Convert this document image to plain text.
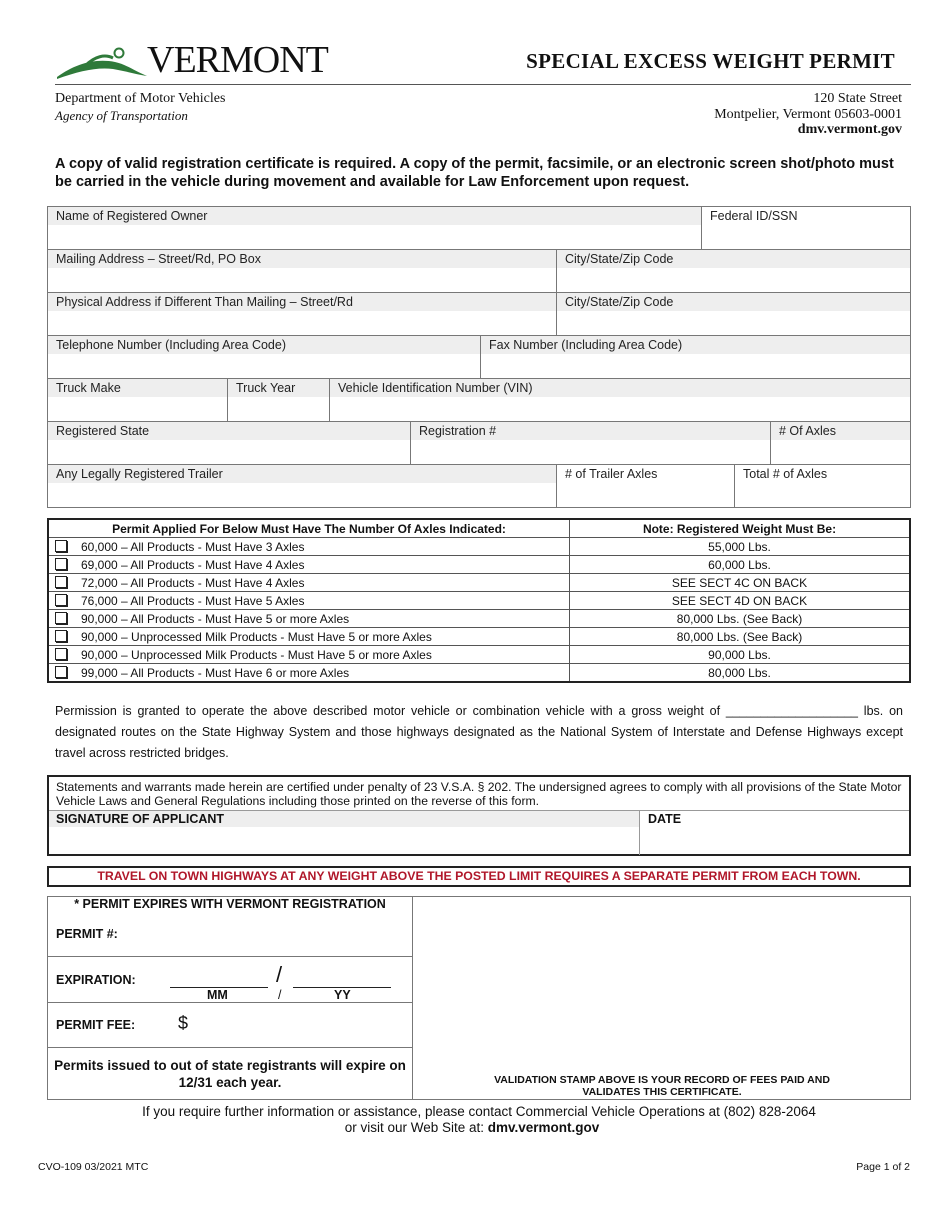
VERMONT	SPECIAL EXCESS WEIGHT PERMIT
Department of Motor Vehicles
Agency of Transportation
120 State Street
Montpelier, Vermont 05603-0001
dmv.vermont.gov
A copy of valid registration certificate is required. A copy of the permit, facsimile, or an electronic screen shot/photo must be carried in the vehicle during movement and available for Law Enforcement upon request.
Name of Registered Owner	Federal ID/SSN
Mailing Address – Street/Rd, PO Box	City/State/Zip Code
Physical Address if Different Than Mailing – Street/Rd	City/State/Zip Code
Telephone Number (Including Area Code)	Fax Number (Including Area Code)
Truck Make	Truck Year	Vehicle Identification Number (VIN)
Registered State	Registration #	# Of Axles
Any Legally Registered Trailer	# of Trailer Axles	Total # of Axles
Permit Applied For Below Must Have The Number Of Axles Indicated:	Note: Registered Weight Must Be:
60,000 – All Products - Must Have 3 Axles	55,000 Lbs.
69,000 – All Products - Must Have 4 Axles	60,000 Lbs.
72,000 – All Products - Must Have 4 Axles	SEE SECT 4C ON BACK
76,000 – All Products - Must Have 5 Axles	SEE SECT 4D ON BACK
90,000 – All Products - Must Have 5 or more Axles	80,000 Lbs. (See Back)
90,000 – Unprocessed Milk Products - Must Have 5 or more Axles	80,000 Lbs. (See Back)
90,000 – Unprocessed Milk Products - Must Have 5 or more Axles	90,000 Lbs.
99,000 – All Products - Must Have 6 or more Axles	80,000 Lbs.
Permission is granted to operate the above described motor vehicle or combination vehicle with a gross weight of ___________________ lbs. on designated routes on the State Highway System and those highways designated as the National System of Interstate and Defense Highways except travel across restricted bridges.
Statements and warrants made herein are certified under penalty of 23 V.S.A. § 202. The undersigned agrees to comply with all provisions of the State Motor Vehicle Laws and General Regulations including those printed on the reverse of this form.
SIGNATURE OF APPLICANT	DATE
TRAVEL ON TOWN HIGHWAYS AT ANY WEIGHT ABOVE THE POSTED LIMIT REQUIRES A SEPARATE PERMIT FROM EACH TOWN.
* PERMIT EXPIRES WITH VERMONT REGISTRATION
PERMIT #:
EXPIRATION:	/
MM	/	YY
PERMIT FEE: $
Permits issued to out of state registrants will expire on 12/31 each year.	VALIDATION STAMP ABOVE IS YOUR RECORD OF FEES PAID AND VALIDATES THIS CERTIFICATE.
If you require further information or assistance, please contact Commercial Vehicle Operations at (802) 828-2064
or visit our Web Site at: dmv.vermont.gov
CVO-109 03/2021 MTC	Page 1 of 2
